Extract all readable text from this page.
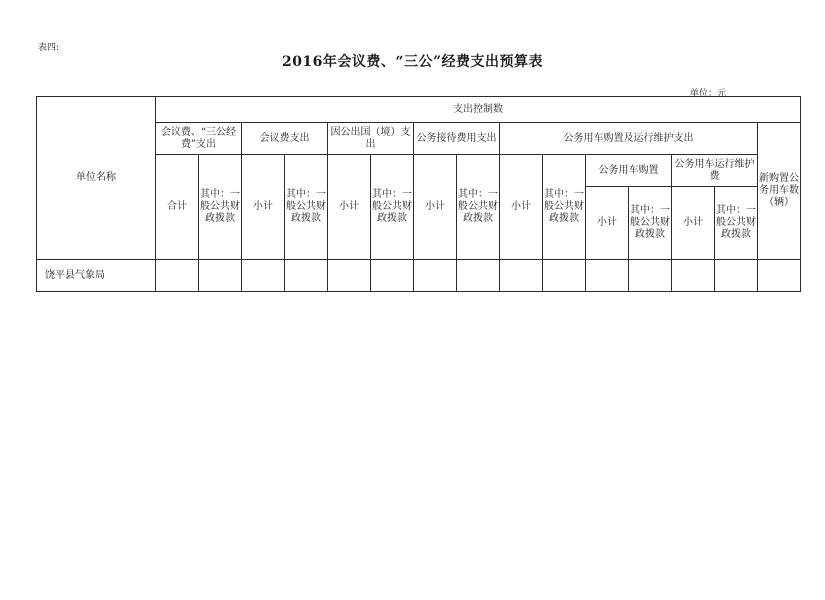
表四:
2016年会议费、“三公”经费支出预算表
单位：元
单位名称	支出控制数														
	会议费、“三公经费”支出		会议费支出		因公出国（境）支出		公务接待费用支出		公务用车购置及运行维护支出						新购置公务用车数（辆）
	合计	其中：一般公共财政拨款	小计	其中：一般公共财政拨款	小计	其中：一般公共财政拨款	小计	其中：一般公共财政拨款	小计	其中：一般公共财政拨款	公务用车购置		公务用车运行维护费		
											小计	其中：一般公共财政拨款	小计	其中：一般公共财政拨款	
饶平县气象局															
